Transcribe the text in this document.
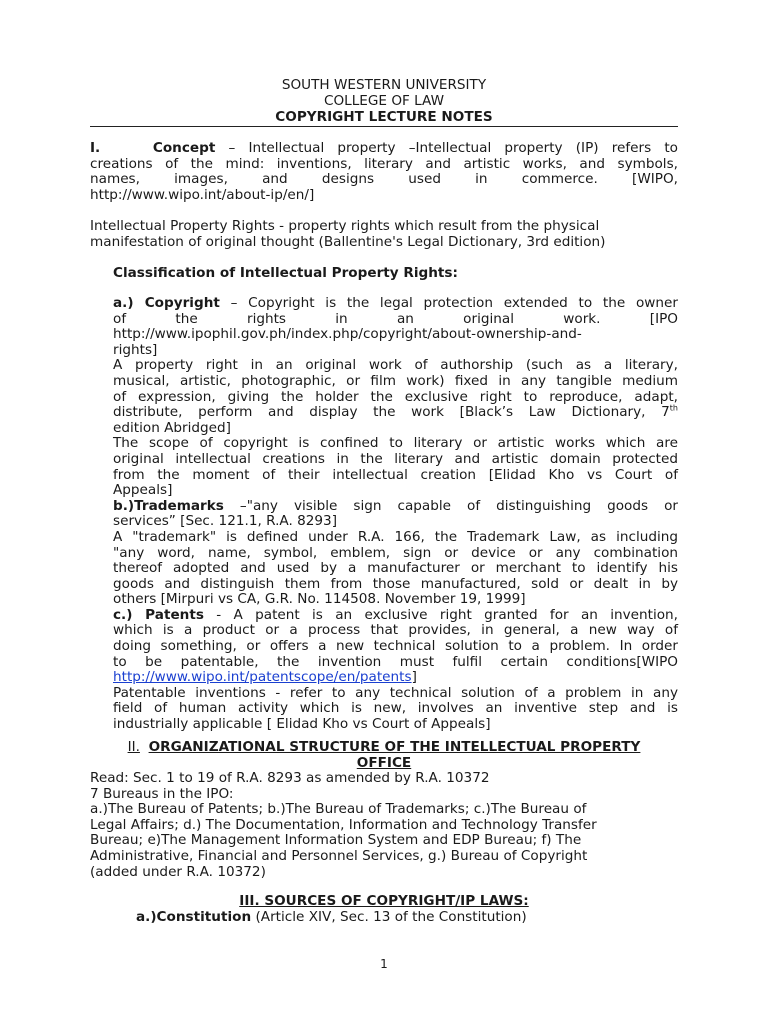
SOUTH WESTERN UNIVERSITY
COLLEGE OF LAW
COPYRIGHT LECTURE NOTES
I.	Concept – Intellectual property –Intellectual property (IP) refers to
creations of the mind: inventions, literary and artistic works, and symbols,
names, images, and designs used in commerce. [WIPO,
http://www.wipo.int/about-ip/en/]
Intellectual Property Rights - property rights which result from the physical
manifestation of original thought (Ballentine's Legal Dictionary, 3rd edition)
Classification of Intellectual Property Rights:
a.) Copyright – Copyright is the legal protection extended to the owner
of the rights in an original work. [IPO
http://www.ipophil.gov.ph/index.php/copyright/about-ownership-and-
rights]
A property right in an original work of authorship (such as a literary,
musical, artistic, photographic, or film work) fixed in any tangible medium
of expression, giving the holder the exclusive right to reproduce, adapt,
distribute, perform and display the work [Black’s Law Dictionary, 7th
edition Abridged]
The scope of copyright is confined to literary or artistic works which are
original intellectual creations in the literary and artistic domain protected
from the moment of their intellectual creation [Elidad Kho vs Court of
Appeals]
b.)Trademarks –"any visible sign capable of distinguishing goods or
services” [Sec. 121.1, R.A. 8293]
A "trademark" is defined under R.A. 166, the Trademark Law, as including
"any word, name, symbol, emblem, sign or device or any combination
thereof adopted and used by a manufacturer or merchant to identify his
goods and distinguish them from those manufactured, sold or dealt in by
others [Mirpuri vs CA, G.R. No. 114508. November 19, 1999]
c.) Patents - A patent is an exclusive right granted for an invention,
which is a product or a process that provides, in general, a new way of
doing something, or offers a new technical solution to a problem. In order
to be patentable, the invention must fulfil certain conditions[WIPO
http://www.wipo.int/patentscope/en/patents]
Patentable inventions - refer to any technical solution of a problem in any
field of human activity which is new, involves an inventive step and is
industrially applicable [ Elidad Kho vs Court of Appeals]
II. ORGANIZATIONAL STRUCTURE OF THE INTELLECTUAL PROPERTY
OFFICE
Read: Sec. 1 to 19 of R.A. 8293 as amended by R.A. 10372
7 Bureaus in the IPO:
a.)The Bureau of Patents; b.)The Bureau of Trademarks; c.)The Bureau of
Legal Affairs; d.) The Documentation, Information and Technology Transfer
Bureau; e)The Management Information System and EDP Bureau; f) The
Administrative, Financial and Personnel Services, g.) Bureau of Copyright
(added under R.A. 10372)
III. SOURCES OF COPYRIGHT/IP LAWS:
a.)Constitution (Article XIV, Sec. 13 of the Constitution)
1
